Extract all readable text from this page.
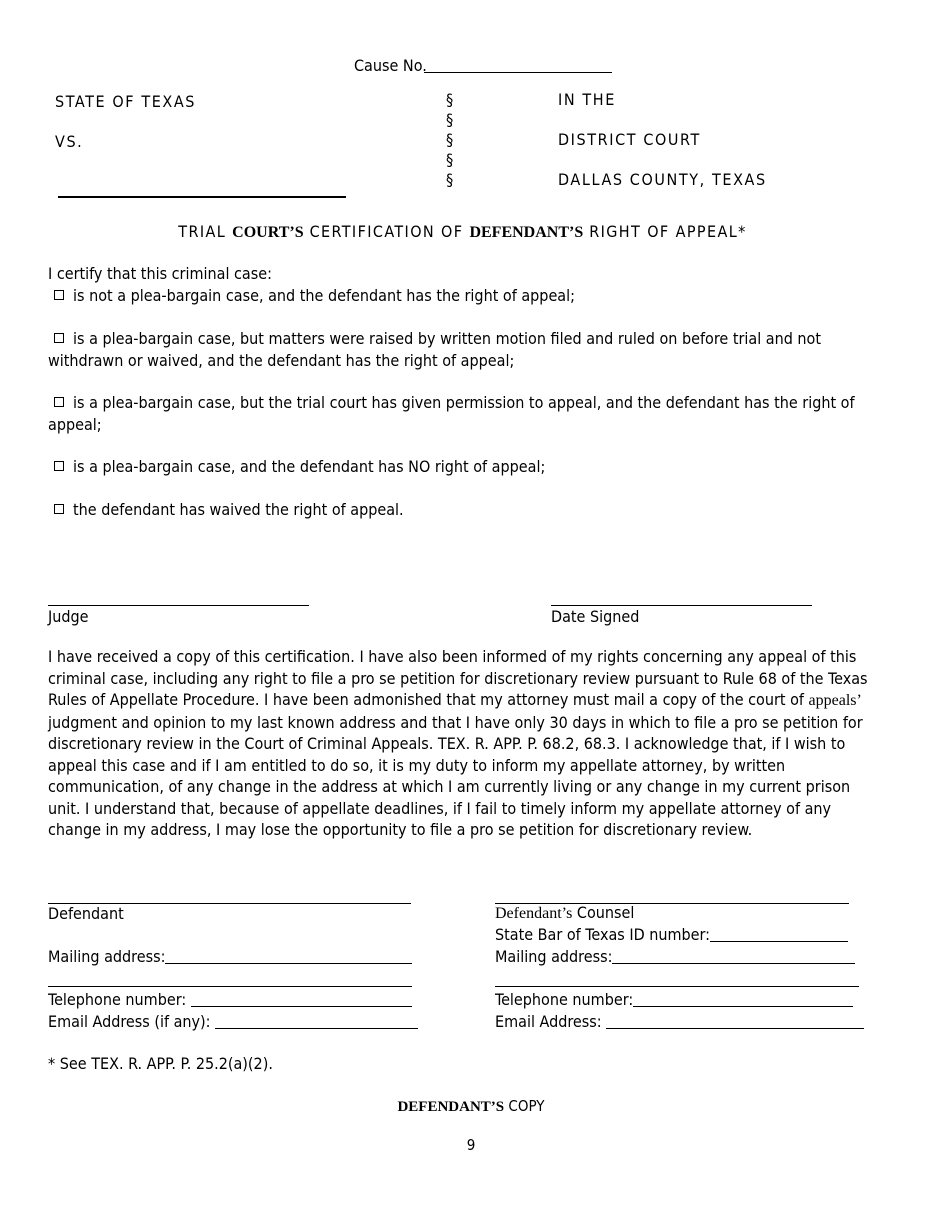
Cause No.
STATE OF TEXAS
VS.
§
§
§
§
§
IN THE
DISTRICT COURT
DALLAS COUNTY, TEXAS
TRIAL COURT’S CERTIFICATION OF DEFENDANT’S RIGHT OF APPEAL*
I certify that this criminal case:
is not a plea-bargain case, and the defendant has the right of appeal;
is a plea-bargain case, but matters were raised by written motion filed and ruled on before trial and not withdrawn or waived, and the defendant has the right of appeal;
is a plea-bargain case, but the trial court has given permission to appeal, and the defendant has the right of appeal;
is a plea-bargain case, and the defendant has NO right of appeal;
the defendant has waived the right of appeal.
Judge	Date Signed
I have received a copy of this certification. I have also been informed of my rights concerning any appeal of this criminal case, including any right to file a pro se petition for discretionary review pursuant to Rule 68 of the Texas Rules of Appellate Procedure. I have been admonished that my attorney must mail a copy of the court of appeals’ judgment and opinion to my last known address and that I have only 30 days in which to file a pro se petition for discretionary review in the Court of Criminal Appeals. TEX. R. APP. P. 68.2, 68.3. I acknowledge that, if I wish to appeal this case and if I am entitled to do so, it is my duty to inform my appellate attorney, by written communication, of any change in the address at which I am currently living or any change in my current prison unit. I understand that, because of appellate deadlines, if I fail to timely inform my appellate attorney of any change in my address, I may lose the opportunity to file a pro se petition for discretionary review.
Defendant
Mailing address:
Telephone number:
Email Address (if any):
Defendant’s Counsel
State Bar of Texas ID number:
Mailing address:
Telephone number:
Email Address:
* See TEX. R. APP. P. 25.2(a)(2).
DEFENDANT’S COPY
9
